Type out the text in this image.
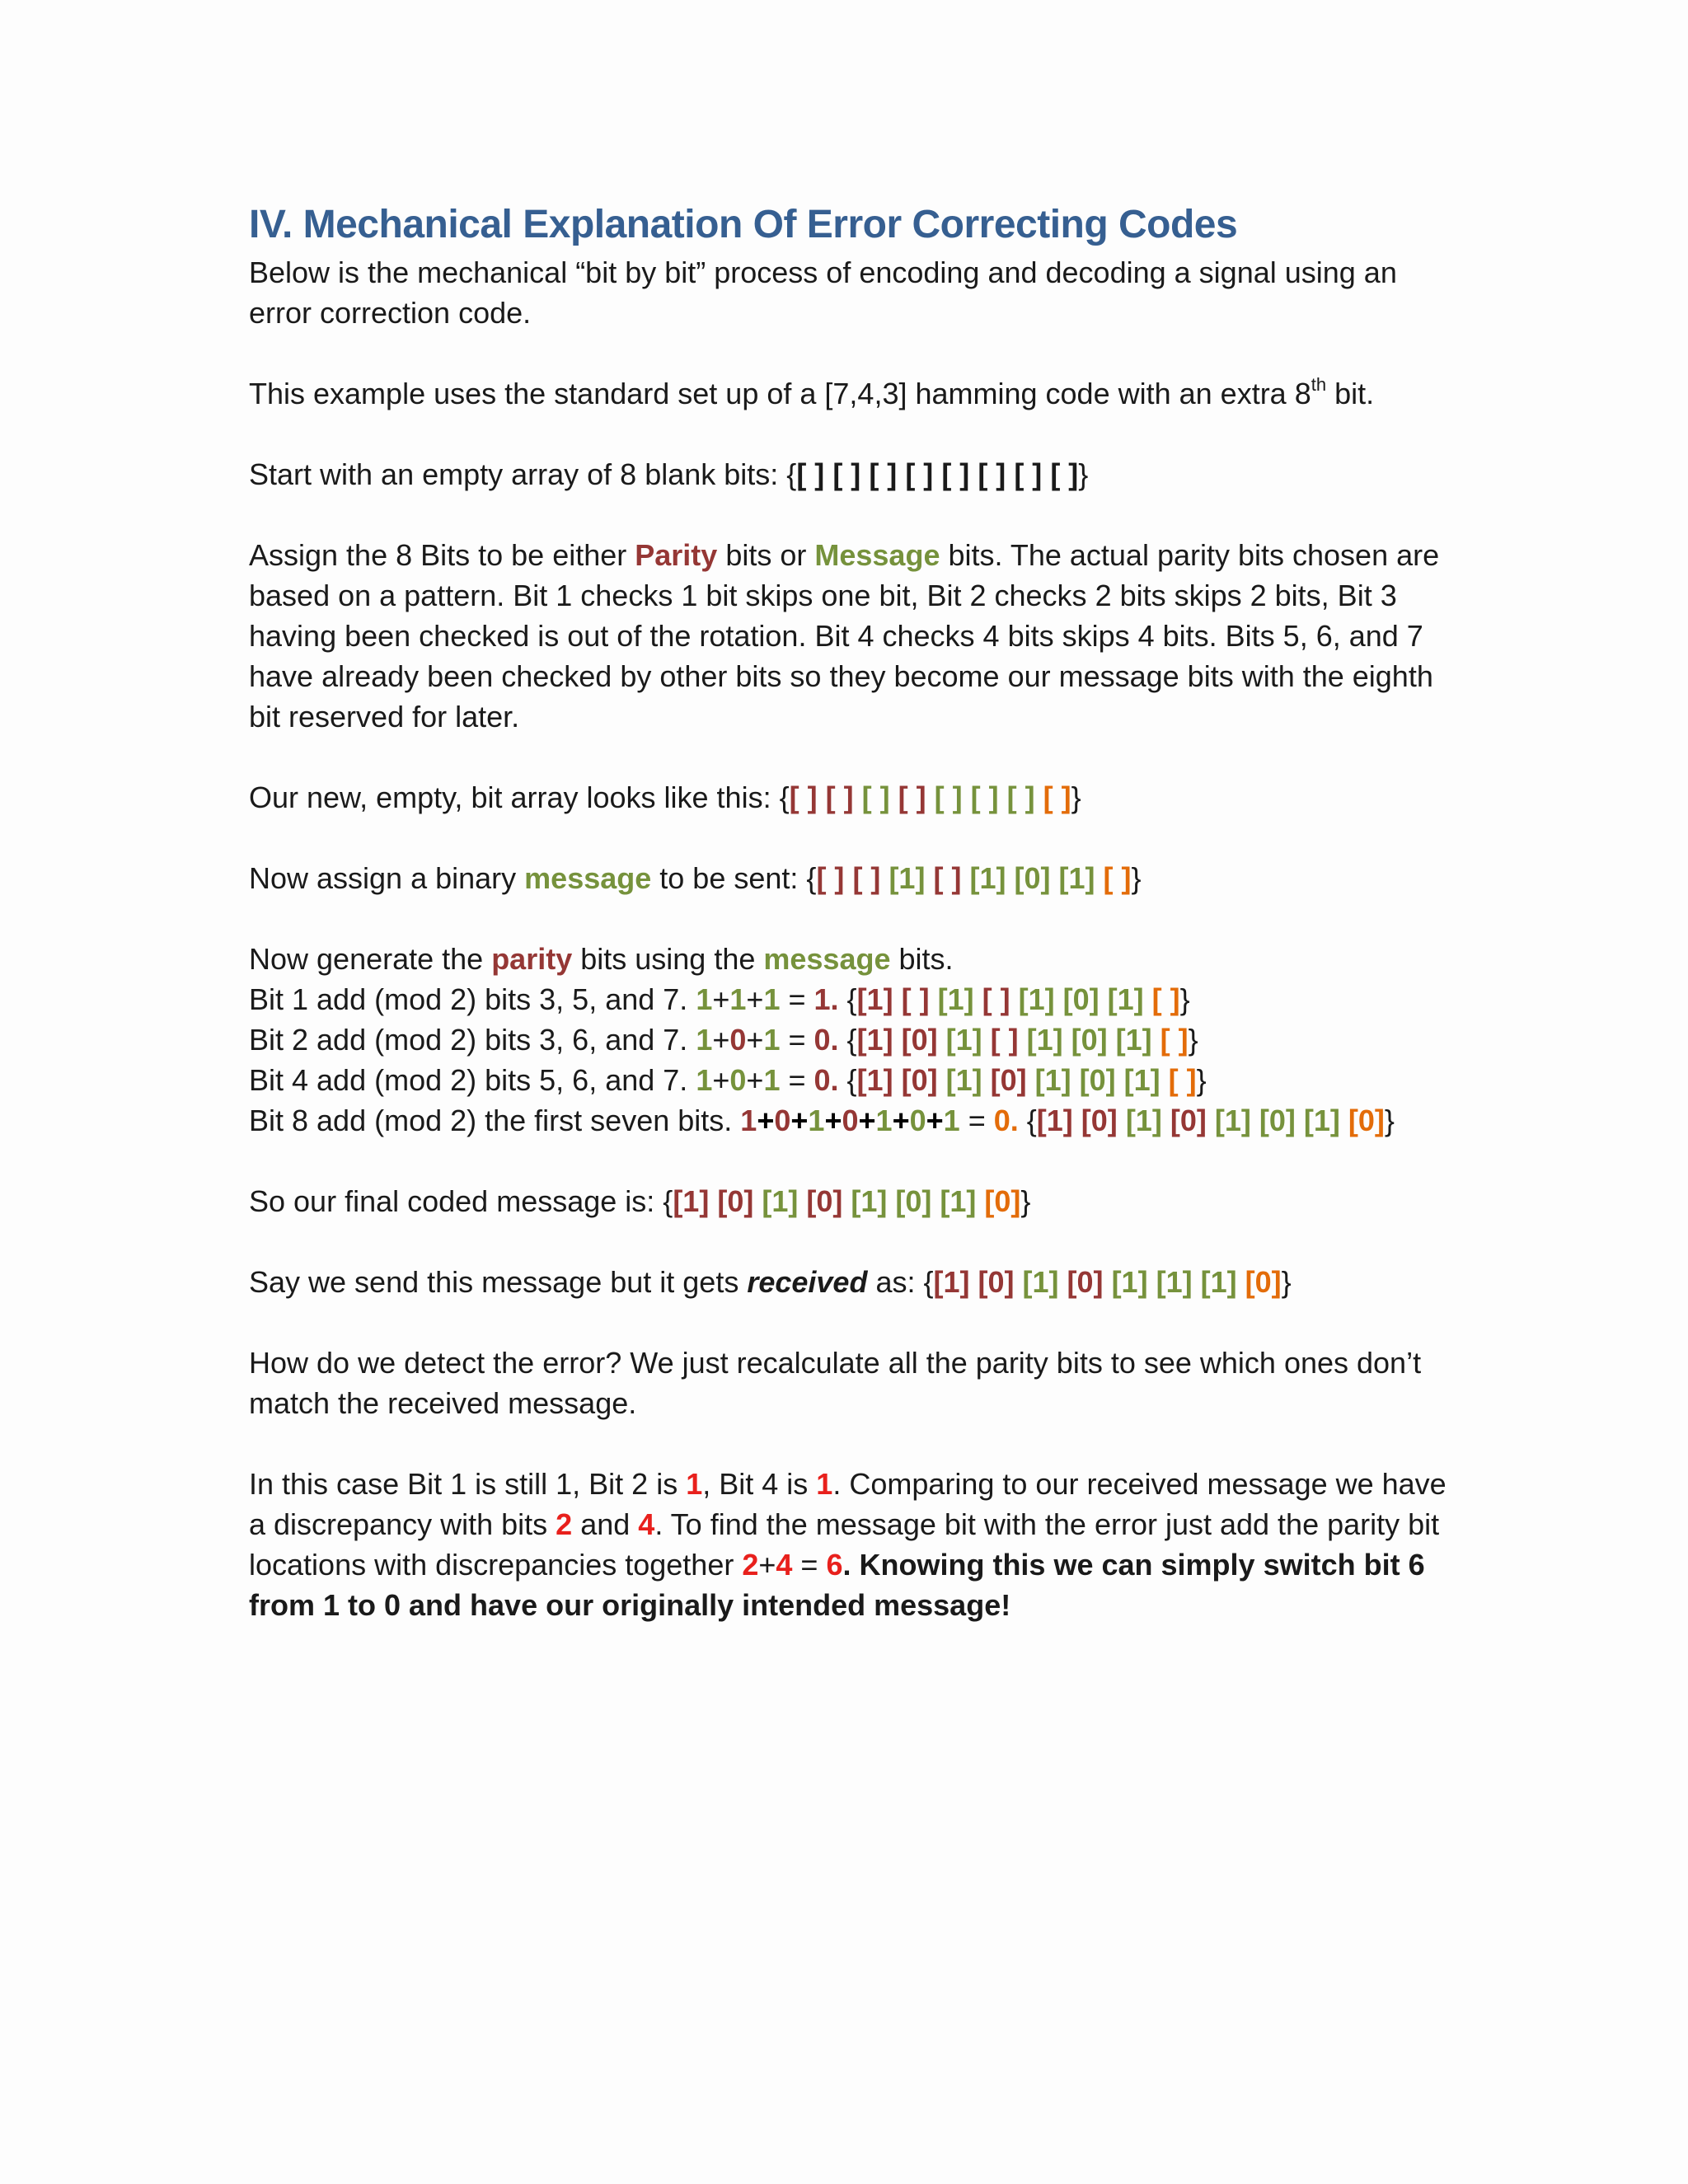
IV. Mechanical Explanation Of Error Correcting Codes

Below is the mechanical “bit by bit” process of encoding and decoding a signal using an error correction code.

This example uses the standard set up of a [7,4,3] hamming code with an extra 8th bit.

Start with an empty array of 8 blank bits: {[ ] [ ] [ ] [ ] [ ] [ ] [ ] [ ]}

Assign the 8 Bits to be either Parity bits or Message bits. The actual parity bits chosen are based on a pattern. Bit 1 checks 1 bit skips one bit, Bit 2 checks 2 bits skips 2 bits, Bit 3 having been checked is out of the rotation. Bit 4 checks 4 bits skips 4 bits. Bits 5, 6, and 7 have already been checked by other bits so they become our message bits with the eighth bit reserved for later.

Our new, empty, bit array looks like this: {[ ] [ ] [ ] [ ] [ ] [ ] [ ] [ ]}

Now assign a binary message to be sent: {[ ] [ ] [1] [ ] [1] [0] [1] [ ]}

Now generate the parity bits using the message bits.
Bit 1 add (mod 2) bits 3, 5, and 7. 1+1+1 = 1. {[1] [ ] [1] [ ] [1] [0] [1] [ ]}
Bit 2 add (mod 2) bits 3, 6, and 7. 1+0+1 = 0. {[1] [0] [1] [ ] [1] [0] [1] [ ]}
Bit 4 add (mod 2) bits 5, 6, and 7. 1+0+1 = 0. {[1] [0] [1] [0] [1] [0] [1] [ ]}
Bit 8 add (mod 2) the first seven bits. 1+0+1+0+1+0+1 = 0. {[1] [0] [1] [0] [1] [0] [1] [0]}

So our final coded message is: {[1] [0] [1] [0] [1] [0] [1] [0]}

Say we send this message but it gets received as: {[1] [0] [1] [0] [1] [1] [1] [0]}

How do we detect the error? We just recalculate all the parity bits to see which ones don’t match the received message.

In this case Bit 1 is still 1, Bit 2 is 1, Bit 4 is 1. Comparing to our received message we have a discrepancy with bits 2 and 4. To find the message bit with the error just add the parity bit locations with discrepancies together 2+4 = 6. Knowing this we can simply switch bit 6 from 1 to 0 and have our originally intended message!
